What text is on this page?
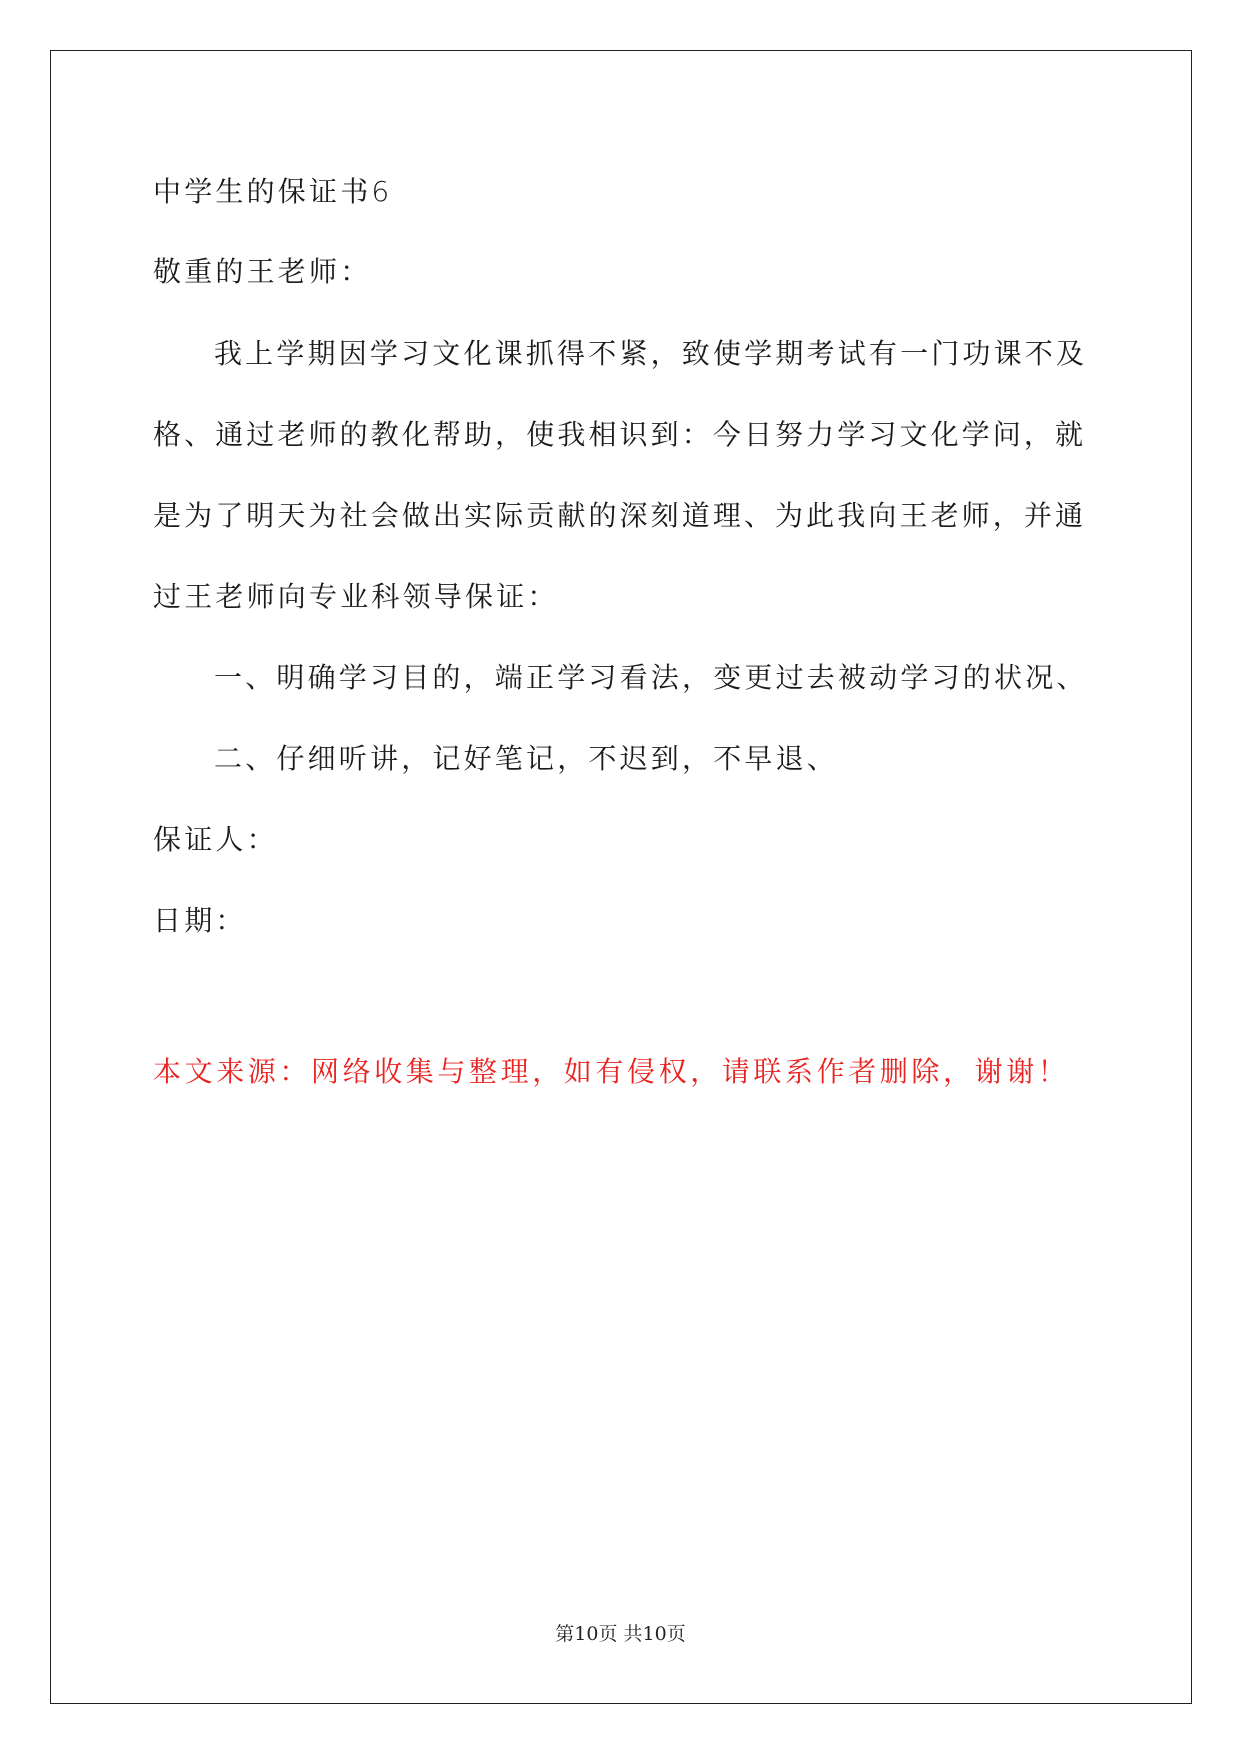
中学生的保证书6
敬重的王老师：
我上学期因学习文化课抓得不紧，致使学期考试有一门功课不及
格、通过老师的教化帮助，使我相识到：今日努力学习文化学问，就
是为了明天为社会做出实际贡献的深刻道理、为此我向王老师，并通
过王老师向专业科领导保证：
一、明确学习目的，端正学习看法，变更过去被动学习的状况、
二、仔细听讲，记好笔记，不迟到，不早退、
保证人：
日期：
本文来源：网络收集与整理，如有侵权，请联系作者删除，谢谢！
第10页 共10页
